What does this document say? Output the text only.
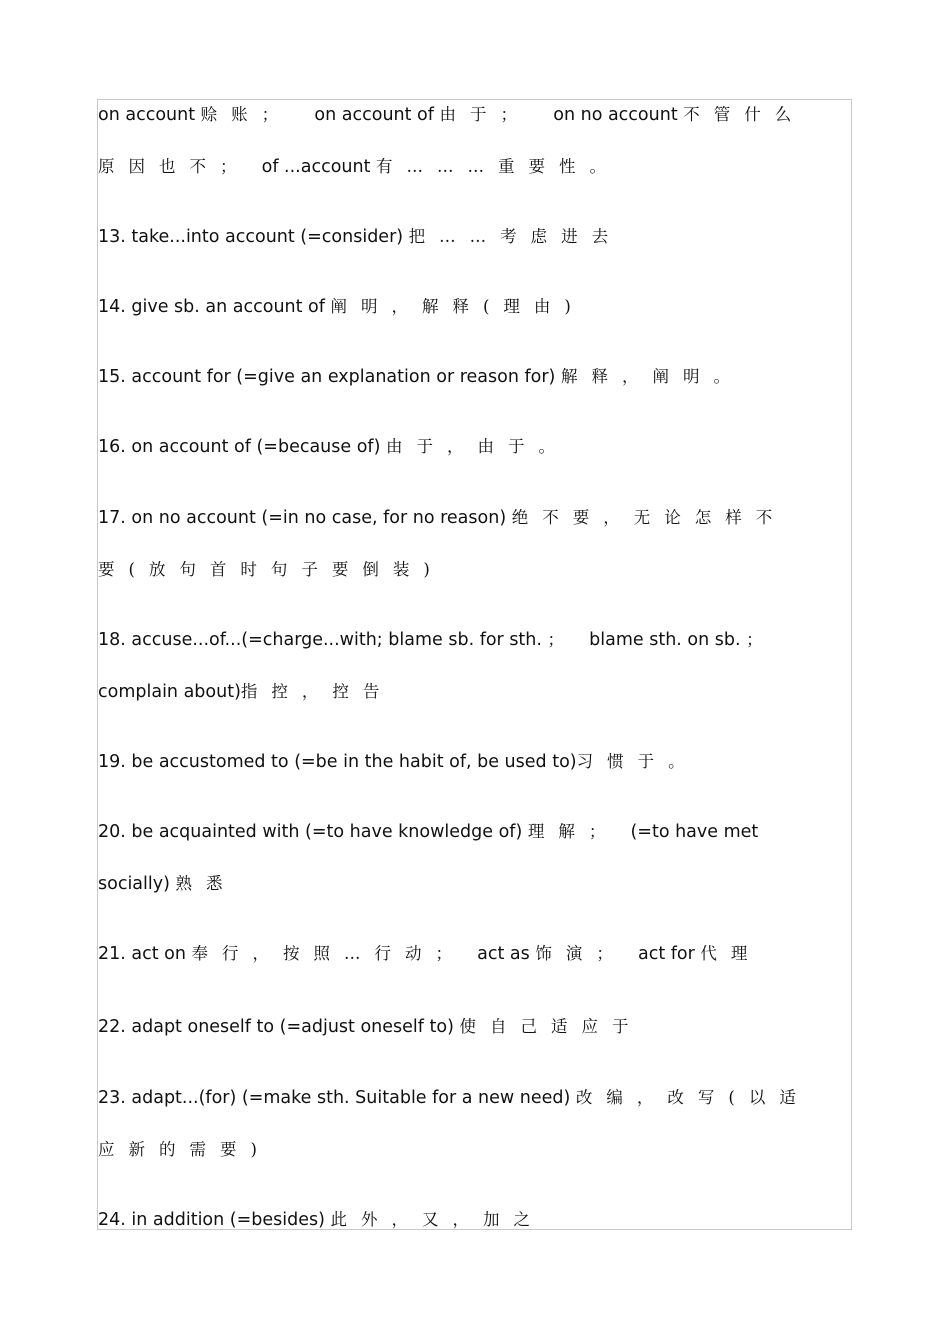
on account 赊账；    on account of 由于；    on no account 不管什么
原因也不；  of ...account 有………重要性。
13. take...into account (=consider) 把……考虑进去
14. give sb. an account of 阐明，解释(理由)
15. account for (=give an explanation or reason for) 解释，阐明。
16. on account of (=because of) 由于，由于。
17. on no account (=in no case, for no reason) 绝不要，无论怎样不
要(放句首时句子要倒装)
18. accuse...of...(=charge...with; blame sb. for sth. ；  blame sth. on sb. ；
complain about)指控，控告
19. be accustomed to (=be in the habit of, be used to)习惯于。
20. be acquainted with (=to have knowledge of) 理解；  (=to have met
socially) 熟悉
21. act on 奉行，按照…行动；  act as 饰演；  act for 代理
22. adapt oneself to (=adjust oneself to) 使自己适应于
23. adapt...(for) (=make sth. Suitable for a new need) 改编，改写(以适
应新的需要)
24. in addition (=besides) 此外，又，加之
